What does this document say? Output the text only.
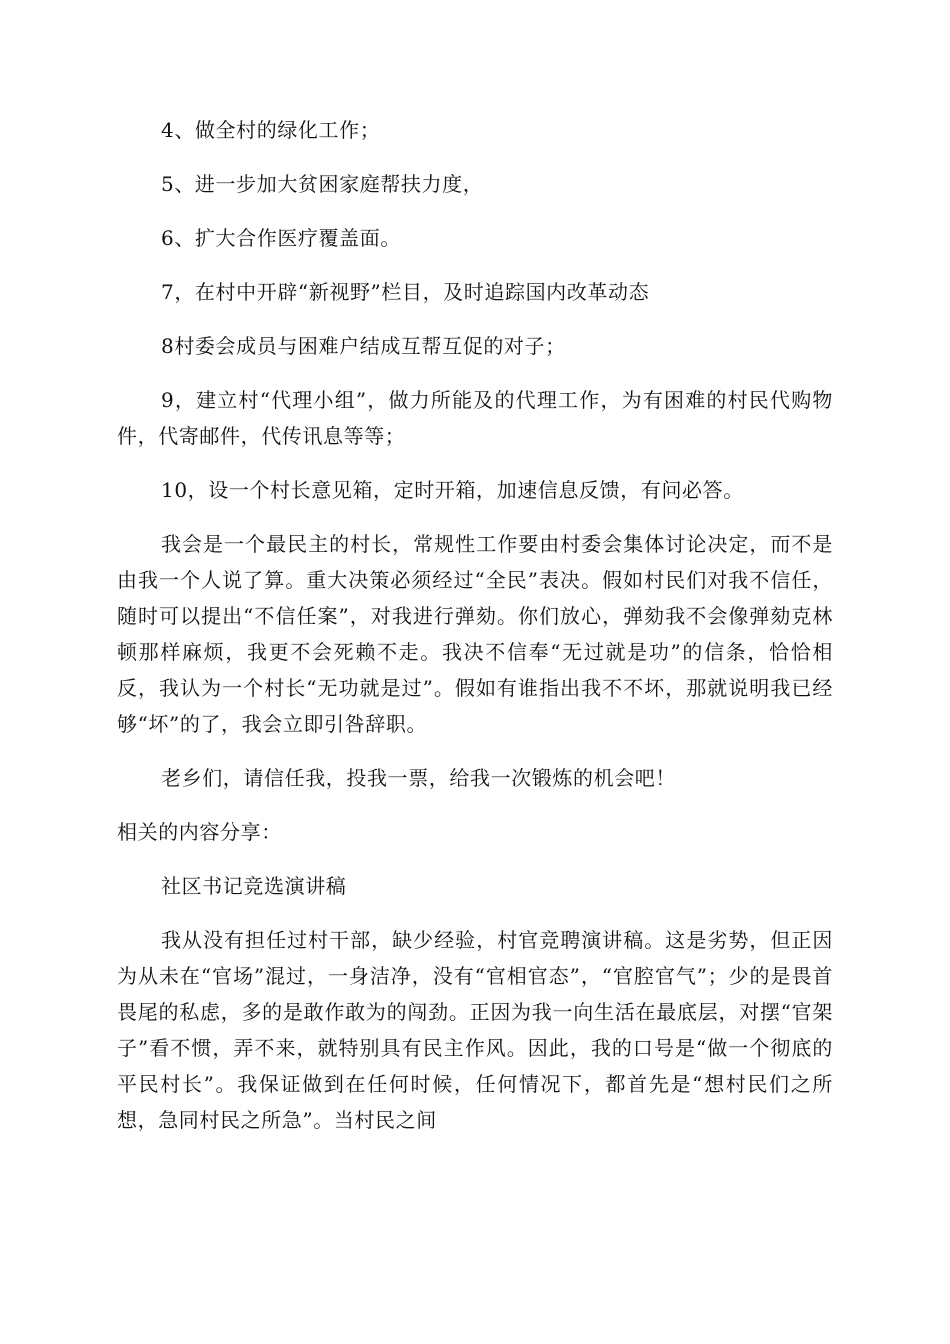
4、做全村的绿化工作；

5、进一步加大贫困家庭帮扶力度，

6、扩大合作医疗覆盖面。

7，在村中开辟“新视野”栏目，及时追踪国内改革动态

8村委会成员与困难户结成互帮互促的对子；

9，建立村“代理小组”，做力所能及的代理工作，为有困难的村民代购物件，代寄邮件，代传讯息等等；

10，设一个村长意见箱，定时开箱，加速信息反馈，有问必答。

我会是一个最民主的村长，常规性工作要由村委会集体讨论决定，而不是由我一个人说了算。重大决策必须经过“全民”表决。假如村民们对我不信任，随时可以提出“不信任案”，对我进行弹劾。你们放心，弹劾我不会像弹劾克林顿那样麻烦，我更不会死赖不走。我决不信奉“无过就是功”的信条，恰恰相反，我认为一个村长“无功就是过”。假如有谁指出我不不坏，那就说明我已经够“坏”的了，我会立即引咎辞职。

老乡们，请信任我，投我一票，给我一次锻炼的机会吧！

相关的内容分享：

社区书记竞选演讲稿

我从没有担任过村干部，缺少经验，村官竞聘演讲稿。这是劣势，但正因为从未在“官场”混过，一身洁净，没有“官相官态”，“官腔官气”；少的是畏首畏尾的私虑，多的是敢作敢为的闯劲。正因为我一向生活在最底层，对摆“官架子”看不惯，弄不来，就特别具有民主作风。因此，我的口号是“做一个彻底的平民村长”。我保证做到在任何时候，任何情况下，都首先是“想村民们之所想，急同村民之所急”。当村民之间
